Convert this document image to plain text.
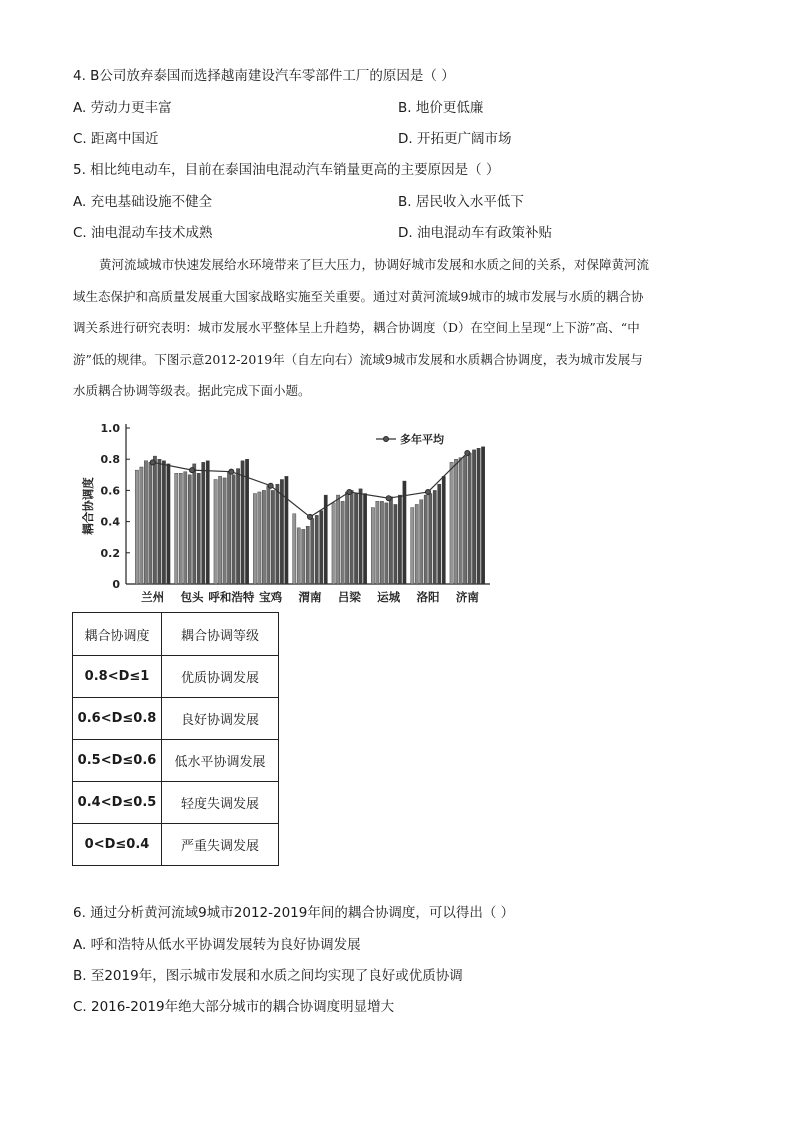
4. B公司放弃泰国而选择越南建设汽车零部件工厂的原因是（ ）
A. 劳动力更丰富	B. 地价更低廉
C. 距离中国近	D. 开拓更广阔市场
5. 相比纯电动车，目前在泰国油电混动汽车销量更高的主要原因是（ ）
A. 充电基础设施不健全	B. 居民收入水平低下
C. 油电混动车技术成熟	D. 油电混动车有政策补贴
黄河流域城市快速发展给水环境带来了巨大压力，协调好城市发展和水质之间的关系，对保障黄河流
域生态保护和高质量发展重大国家战略实施至关重要。通过对黄河流域9城市的城市发展与水质的耦合协
调关系进行研究表明：城市发展水平整体呈上升趋势，耦合协调度（D）在空间上呈现“上下游”高、“中
游”低的规律。下图示意2012-2019年（自左向右）流域9城市发展和水质耦合协调度，表为城市发展与
水质耦合协调等级表。据此完成下面小题。
0
0.2
0.4
0.6
0.8
1.0
耦合协调度
多年平均
兰州 包头 呼和浩特 宝鸡 渭南 吕梁 运城 洛阳 济南
耦合协调度	耦合协调等级
0.8<D≤1	优质协调发展
0.6<D≤0.8	良好协调发展
0.5<D≤0.6	低水平协调发展
0.4<D≤0.5	轻度失调发展
0<D≤0.4	严重失调发展
6. 通过分析黄河流域9城市2012-2019年间的耦合协调度，可以得出（ ）
A. 呼和浩特从低水平协调发展转为良好协调发展
B. 至2019年，图示城市发展和水质之间均实现了良好或优质协调
C. 2016-2019年绝大部分城市的耦合协调度明显增大
